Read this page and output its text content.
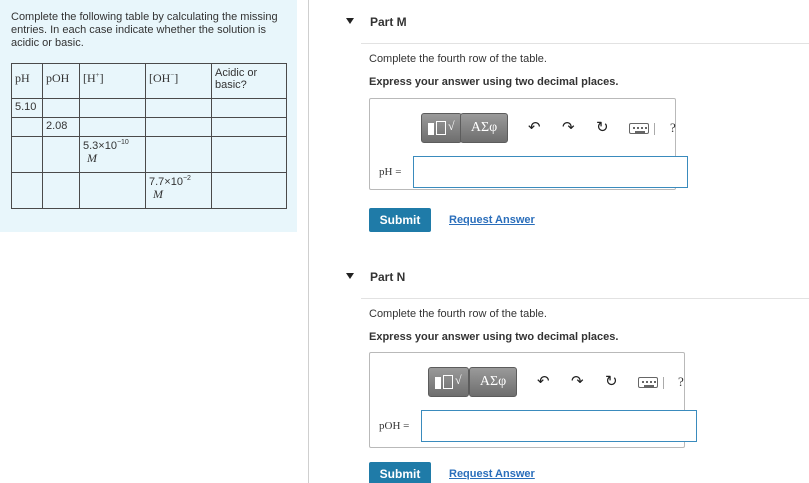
Complete the following table by calculating the missing entries. In each case indicate whether the solution is acidic or basic.
pH	pOH	[H+]	[OH−]	Acidic or basic?
5.10				
	2.08			
		$5.3\times 10^{-10}$
M		

			$7.7\times 10^{-2}$
M	

Part M
Complete the fourth row of the table.
Express your answer using two decimal places.
√	ΑΣφ	↶ ↷ ↻	?
pH =
Submit	Request Answer
Part N
Complete the fourth row of the table.
Express your answer using two decimal places.
√	ΑΣφ	↶ ↷ ↻	?
pOH =
Submit	Request Answer
